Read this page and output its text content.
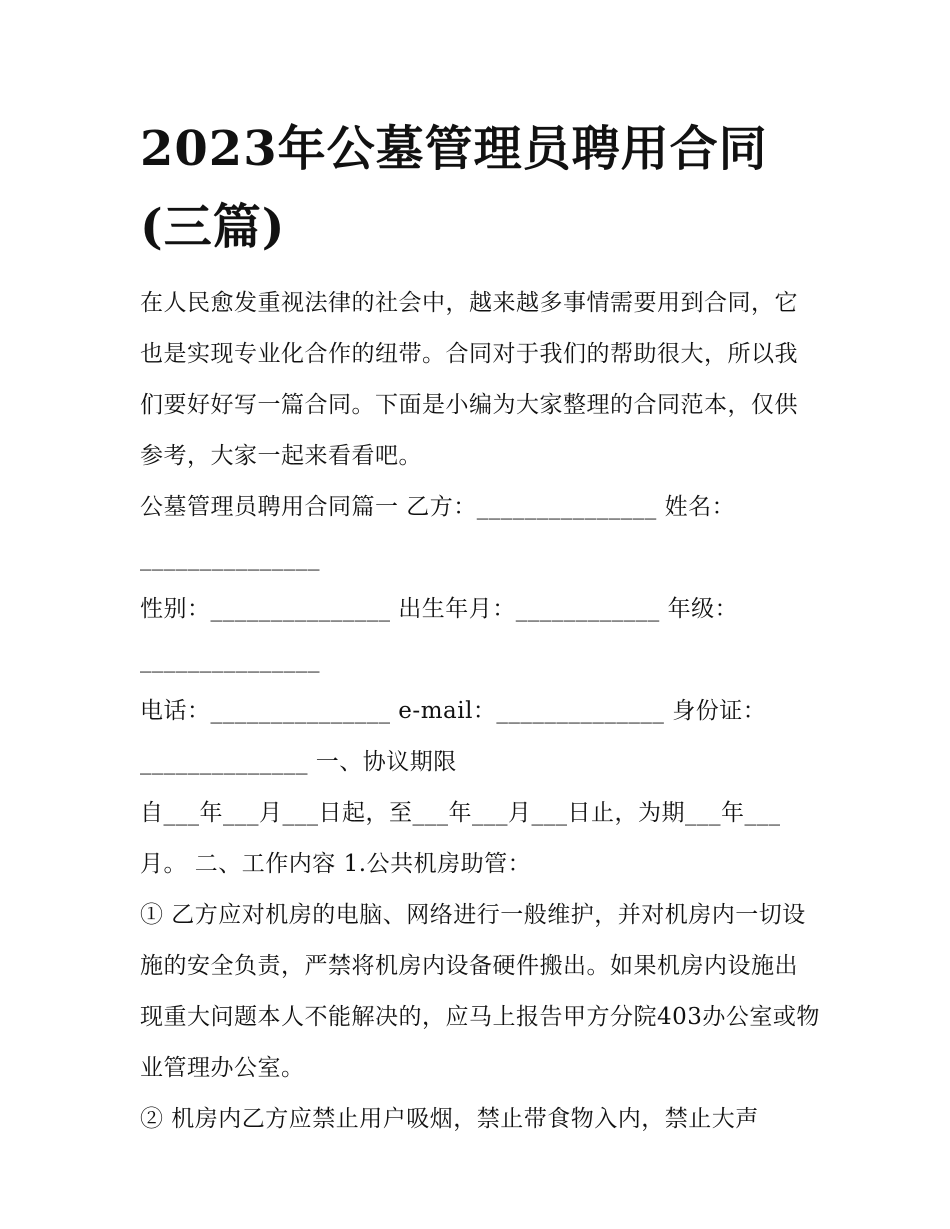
2023年公墓管理员聘用合同
(三篇)

在人民愈发重视法律的社会中，越来越多事情需要用到合同，它也是实现专业化合作的纽带。合同对于我们的帮助很大，所以我们要好好写一篇合同。下面是小编为大家整理的合同范本，仅供参考，大家一起来看看吧。

公墓管理员聘用合同篇一 乙方：_______________ 姓名：_______________

性别：_______________ 出生年月：____________ 年级：_______________

电话：_______________ e-mail：______________ 身份证：______________ 一、协议期限

自___年___月___日起，至___年___月___日止，为期___年___月。 二、工作内容 1.公共机房助管：

① 乙方应对机房的电脑、网络进行一般维护，并对机房内一切设施的安全负责，严禁将机房内设备硬件搬出。如果机房内设施出现重大问题本人不能解决的，应马上报告甲方分院403办公室或物业管理办公室。

② 机房内乙方应禁止用户吸烟，禁止带食物入内，禁止大声
